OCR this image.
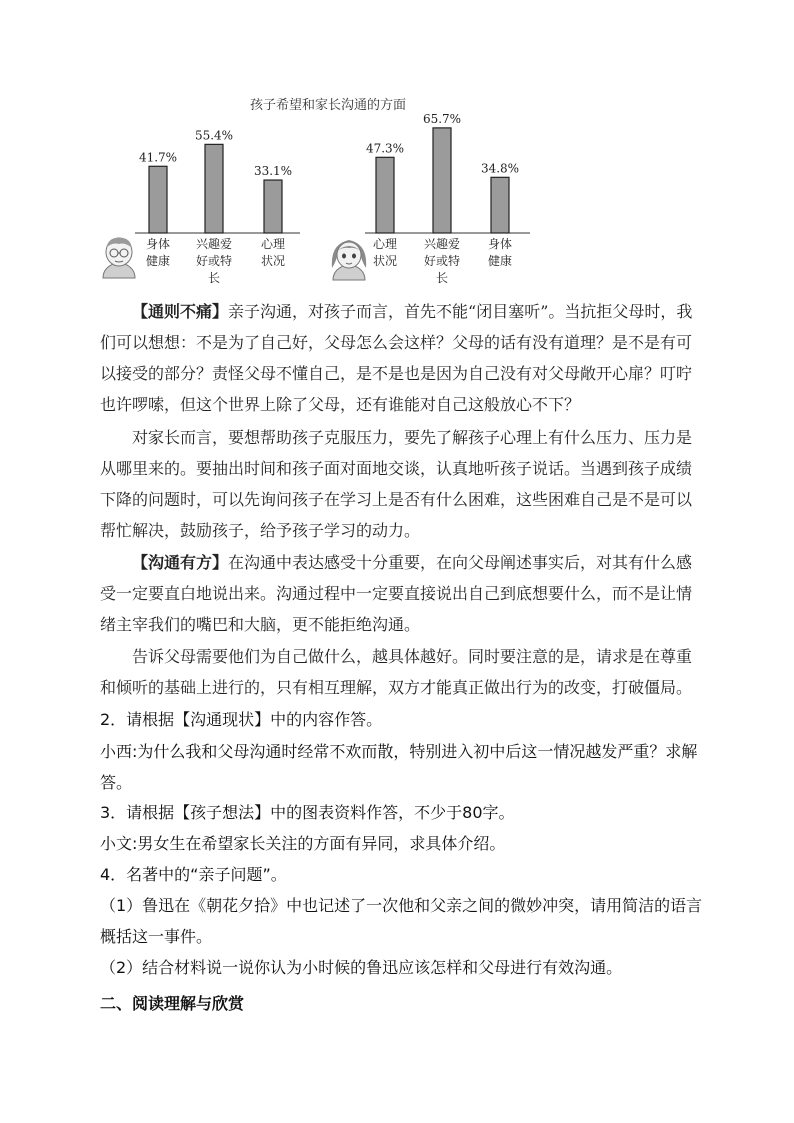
孩子希望和家长沟通的方面
41.7%
身体
健康
55.4%
兴趣爱
好或特
长
33.1%
心理
状况
47.3%
心理
状况
65.7%
兴趣爱
好或特
长
34.8%
身体
健康

【通则不痛】亲子沟通，对孩子而言，首先不能“闭目塞听”。当抗拒父母时，我们可以想想：不是为了自己好，父母怎么会这样？父母的话有没有道理？是不是有可以接受的部分？责怪父母不懂自己，是不是也是因为自己没有对父母敞开心扉？叮咛也许啰嗦，但这个世界上除了父母，还有谁能对自己这般放心不下？

对家长而言，要想帮助孩子克服压力，要先了解孩子心理上有什么压力、压力是从哪里来的。要抽出时间和孩子面对面地交谈，认真地听孩子说话。当遇到孩子成绩下降的问题时，可以先询问孩子在学习上是否有什么困难，这些困难自己是不是可以帮忙解决，鼓励孩子，给予孩子学习的动力。

【沟通有方】在沟通中表达感受十分重要，在向父母阐述事实后，对其有什么感受一定要直白地说出来。沟通过程中一定要直接说出自己到底想要什么，而不是让情绪主宰我们的嘴巴和大脑，更不能拒绝沟通。

告诉父母需要他们为自己做什么，越具体越好。同时要注意的是，请求是在尊重和倾听的基础上进行的，只有相互理解，双方才能真正做出行为的改变，打破僵局。

2．请根据【沟通现状】中的内容作答。

小西:为什么我和父母沟通时经常不欢而散，特别进入初中后这一情况越发严重？求解答。

3．请根据【孩子想法】中的图表资料作答，不少于80字。

小文:男女生在希望家长关注的方面有异同，求具体介绍。

4．名著中的“亲子问题”。

（1）鲁迅在《朝花夕拾》中也记述了一次他和父亲之间的微妙冲突，请用简洁的语言概括这一事件。

（2）结合材料说一说你认为小时候的鲁迅应该怎样和父母进行有效沟通。

二、阅读理解与欣赏
